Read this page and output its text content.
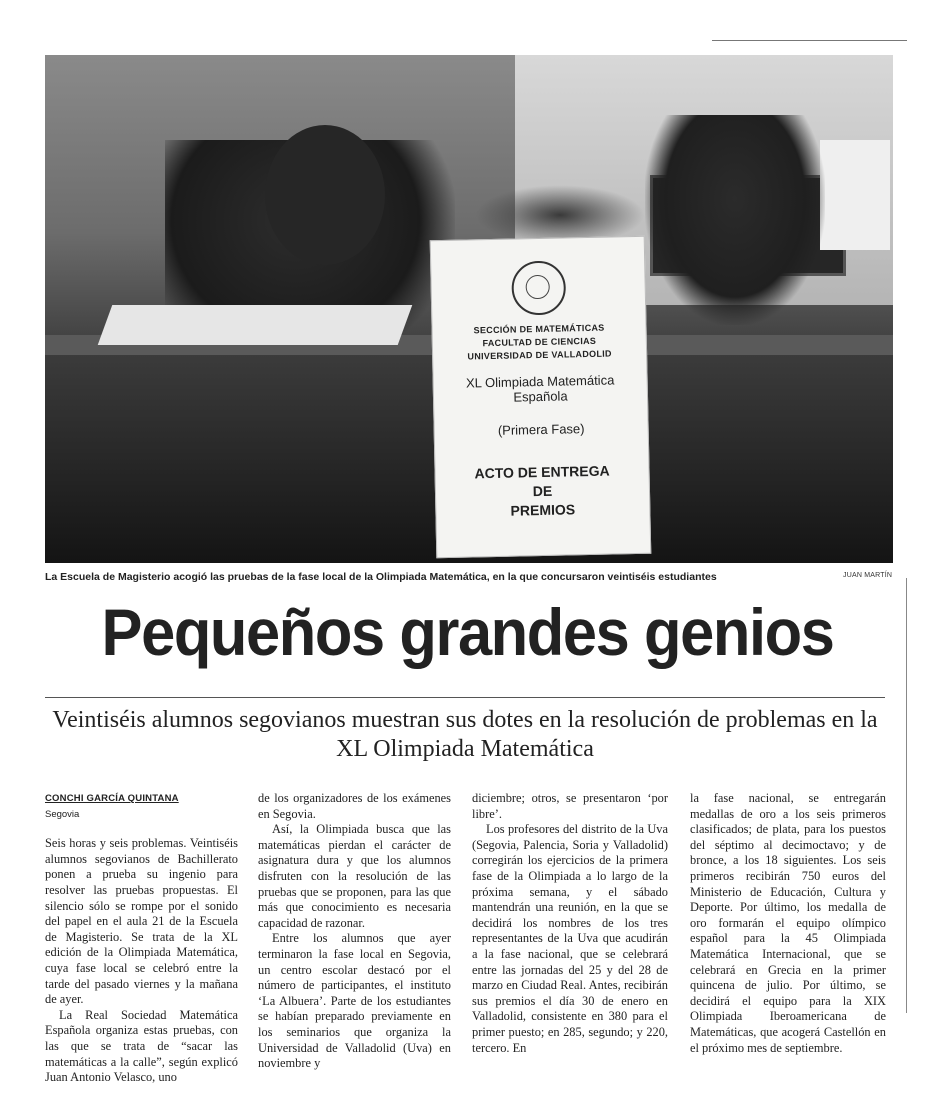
SECCIÓN DE MATEMÁTICAS
FACULTAD DE CIENCIAS
UNIVERSIDAD DE VALLADOLID
XL Olimpiada Matemática
Española
(Primera Fase)
ACTO DE ENTREGA
DE
PREMIOS
La Escuela de Magisterio acogió las pruebas de la fase local de la Olimpiada Matemática, en la que concursaron veintiséis estudiantes	JUAN MARTÍN
Pequeños grandes genios
Veintiséis alumnos segovianos muestran sus dotes en la resolución de problemas en la XL Olimpiada Matemática
CONCHI GARCÍA QUINTANA
Segovia

Seis horas y seis problemas. Veintiséis alumnos segovianos de Bachillerato ponen a prueba su ingenio para resolver las pruebas propuestas. El silencio sólo se rompe por el sonido del papel en el aula 21 de la Escuela de Magisterio. Se trata de la XL edición de la Olimpiada Matemática, cuya fase local se celebró entre la tarde del pasado viernes y la mañana de ayer.

La Real Sociedad Matemática Española organiza estas pruebas, con las que se trata de “sacar las matemáticas a la calle”, según explicó Juan Antonio Velasco, uno

de los organizadores de los exámenes en Segovia.

Así, la Olimpiada busca que las matemáticas pierdan el carácter de asignatura dura y que los alumnos disfruten con la resolución de las pruebas que se proponen, para las que más que conocimiento es necesaria capacidad de razonar.

Entre los alumnos que ayer terminaron la fase local en Segovia, un centro escolar destacó por el número de participantes, el instituto ‘La Albuera’. Parte de los estudiantes se habían preparado previamente en los seminarios que organiza la Universidad de Valladolid (Uva) en noviembre y

diciembre; otros, se presentaron ‘por libre’.

Los profesores del distrito de la Uva (Segovia, Palencia, Soria y Valladolid) corregirán los ejercicios de la primera fase de la Olimpiada a lo largo de la próxima semana, y el sábado mantendrán una reunión, en la que se decidirá los nombres de los tres representantes de la Uva que acudirán a la fase nacional, que se celebrará entre las jornadas del 25 y del 28 de marzo en Ciudad Real. Antes, recibirán sus premios el día 30 de enero en Valladolid, consistente en 380 para el primer puesto; en 285, segundo; y 220, tercero. En

la fase nacional, se entregarán medallas de oro a los seis primeros clasificados; de plata, para los puestos del séptimo al decimoctavo; y de bronce, a los 18 siguientes. Los seis primeros recibirán 750 euros del Ministerio de Educación, Cultura y Deporte. Por último, los medalla de oro formarán el equipo olímpico español para la 45 Olimpiada Matemática Internacional, que se celebrará en Grecia en la primer quincena de julio. Por último, se decidirá el equipo para la XIX Olimpiada Iberoamericana de Matemáticas, que acogerá Castellón en el próximo mes de septiembre.
